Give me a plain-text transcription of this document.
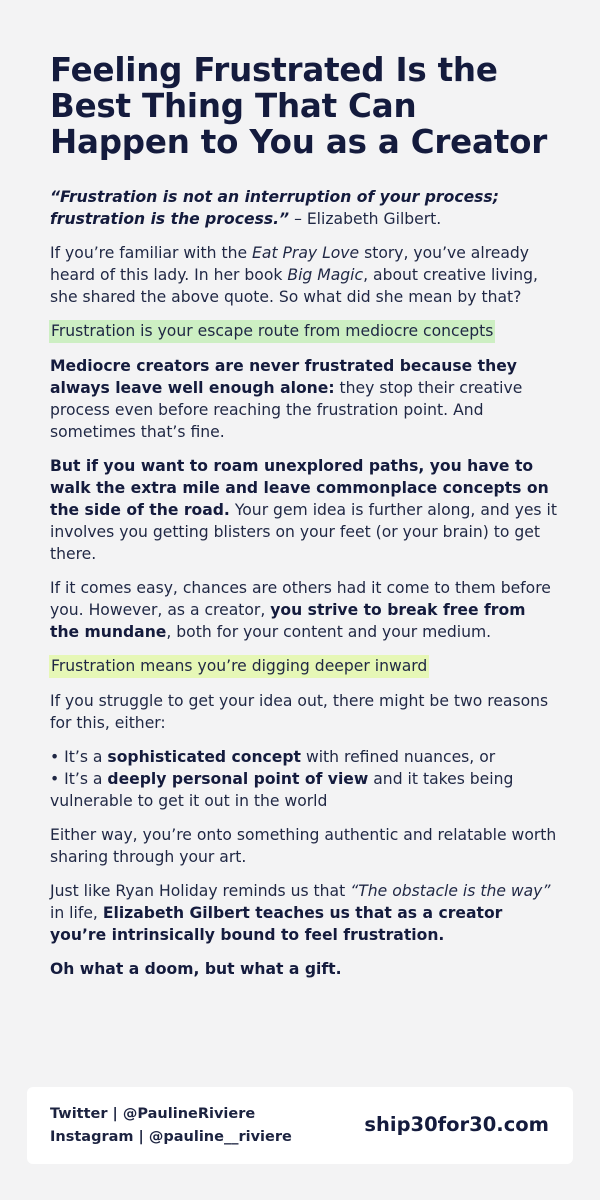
Feeling Frustrated Is the Best Thing That Can Happen to You as a Creator

“Frustration is not an interruption of your process; frustration is the process.” – Elizabeth Gilbert.

If you’re familiar with the Eat Pray Love story, you’ve already heard of this lady. In her book Big Magic, about creative living, she shared the above quote. So what did she mean by that?

Frustration is your escape route from mediocre concepts

Mediocre creators are never frustrated because they always leave well enough alone: they stop their creative process even before reaching the frustration point. And sometimes that’s fine.

But if you want to roam unexplored paths, you have to walk the extra mile and leave commonplace concepts on the side of the road. Your gem idea is further along, and yes it involves you getting blisters on your feet (or your brain) to get there.

If it comes easy, chances are others had it come to them before you. However, as a creator, you strive to break free from the mundane, both for your content and your medium.

Frustration means you’re digging deeper inward

If you struggle to get your idea out, there might be two reasons for this, either:

• It’s a sophisticated concept with refined nuances, or
• It’s a deeply personal point of view and it takes being vulnerable to get it out in the world

Either way, you’re onto something authentic and relatable worth sharing through your art.

Just like Ryan Holiday reminds us that “The obstacle is the way” in life, Elizabeth Gilbert teaches us that as a creator you’re intrinsically bound to feel frustration.

Oh what a doom, but what a gift.

Twitter | @PaulineRiviere
Instagram | @pauline__riviere
ship30for30.com
